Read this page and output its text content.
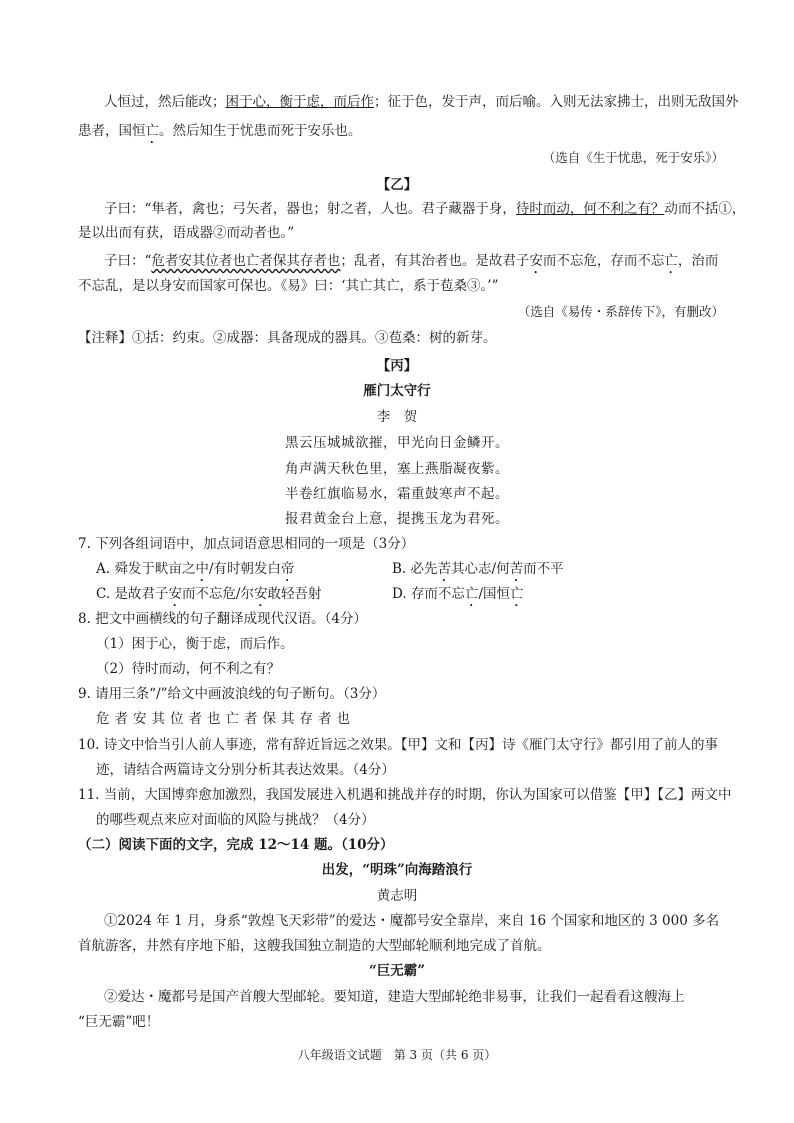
人恒过，然后能改；困于心，衡于虑，而后作；征于色，发于声，而后喻。入则无法家拂士，出则无敌国外
患者，国恒亡。然后知生于忧患而死于安乐也。
（选自《生于忧患，死于安乐》）
【乙】
子曰：“隼者，禽也；弓矢者，器也；射之者，人也。君子藏器于身，待时而动，何不利之有？动而不括①，
是以出而有获，语成器②而动者也。”
子曰：“危者安其位者也亡者保其存者也；乱者，有其治者也。是故君子安而不忘危，存而不忘亡，治而
不忘乱，是以身安而国家可保也。《易》曰：‘其亡其亡，系于苞桑③。’”
（选自《易传・系辞传下》，有删改）
【注释】①括：约束。②成器：具备现成的器具。③苞桑：树的新芽。
【丙】
雁门太守行
李　贺
黑云压城城欲摧，甲光向日金鳞开。
角声满天秋色里，塞上燕脂凝夜紫。
半卷红旗临易水，霜重鼓寒声不起。
报君黄金台上意，提携玉龙为君死。
7. 下列各组词语中，加点词语意思相同的一项是（3分）
A. 舜发于畎亩之中/有时朝发白帝	B. 必先苦其心志/何苦而不平
C. 是故君子安而不忘危/尔安敢轻吾射	D. 存而不忘亡/国恒亡
8. 把文中画横线的句子翻译成现代汉语。（4分）
（1）困于心，衡于虑，而后作。
（2）待时而动，何不利之有？
9. 请用三条“/”给文中画波浪线的句子断句。（3分）
危者安其位者也亡者保其存者也
10. 诗文中恰当引人前人事迹，常有辞近旨远之效果。【甲】文和【丙】诗《雁门太守行》都引用了前人的事
迹，请结合两篇诗文分别分析其表达效果。（4分）
11. 当前，大国博弈愈加激烈，我国发展进入机遇和挑战并存的时期，你认为国家可以借鉴【甲】【乙】两文中
的哪些观点来应对面临的风险与挑战？（4分）
（二）阅读下面的文字，完成 12～14 题。（10分）
出发，“明珠”向海踏浪行
黄志明
①2024 年 1 月，身系“敦煌飞天彩带”的爱达・魔都号安全靠岸，来自 16 个国家和地区的 3 000 多名
首航游客，井然有序地下船，这艘我国独立制造的大型邮轮顺利地完成了首航。
“巨无霸”
②爱达・魔都号是国产首艘大型邮轮。要知道，建造大型邮轮绝非易事，让我们一起看看这艘海上
“巨无霸”吧！
八年级语文试题　第 3 页（共 6 页）
